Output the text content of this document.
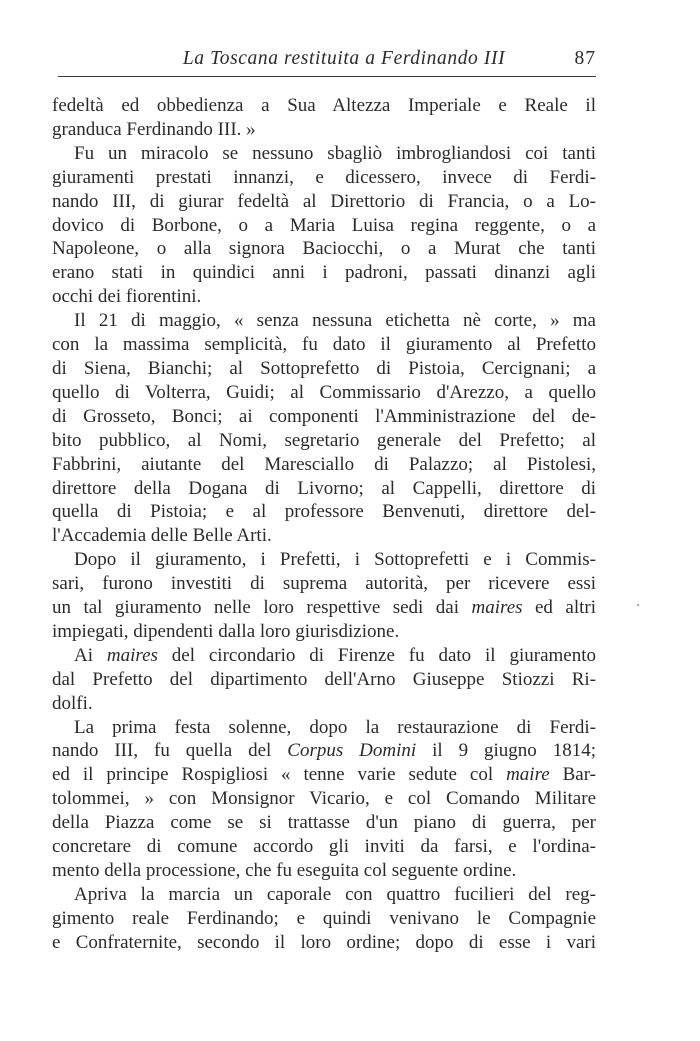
La Toscana restituita a Ferdinando III	87

fedeltà ed obbedienza a Sua Altezza Imperiale e Reale il
granduca Ferdinando III. »

Fu un miracolo se nessuno sbagliò imbrogliandosi coi tanti
giuramenti prestati innanzi, e dicessero, invece di Ferdi-
nando III, di giurar fedeltà al Direttorio di Francia, o a Lo-
dovico di Borbone, o a Maria Luisa regina reggente, o a
Napoleone, o alla signora Baciocchi, o a Murat che tanti
erano stati in quindici anni i padroni, passati dinanzi agli
occhi dei fiorentini.

Il 21 di maggio, « senza nessuna etichetta nè corte, » ma
con la massima semplicità, fu dato il giuramento al Prefetto
di Siena, Bianchi; al Sottoprefetto di Pistoia, Cercignani; a
quello di Volterra, Guidi; al Commissario d'Arezzo, a quello
di Grosseto, Bonci; ai componenti l'Amministrazione del de-
bito pubblico, al Nomi, segretario generale del Prefetto; al
Fabbrini, aiutante del Maresciallo di Palazzo; al Pistolesi,
direttore della Dogana di Livorno; al Cappelli, direttore di
quella di Pistoia; e al professore Benvenuti, direttore del-
l'Accademia delle Belle Arti.

Dopo il giuramento, i Prefetti, i Sottoprefetti e i Commis-
sari, furono investiti di suprema autorità, per ricevere essi
un tal giuramento nelle loro respettive sedi dai maires ed altri
impiegati, dipendenti dalla loro giurisdizione.

Ai maires del circondario di Firenze fu dato il giuramento
dal Prefetto del dipartimento dell'Arno Giuseppe Stiozzi Ri-
dolfi.

La prima festa solenne, dopo la restaurazione di Ferdi-
nando III, fu quella del Corpus Domini il 9 giugno 1814;
ed il principe Rospigliosi « tenne varie sedute col maire Bar-
tolommei, » con Monsignor Vicario, e col Comando Militare
della Piazza come se si trattasse d'un piano di guerra, per
concretare di comune accordo gli inviti da farsi, e l'ordina-
mento della processione, che fu eseguita col seguente ordine.

Apriva la marcia un caporale con quattro fucilieri del reg-
gimento reale Ferdinando; e quindi venivano le Compagnie
e Confraternite, secondo il loro ordine; dopo di esse i vari
